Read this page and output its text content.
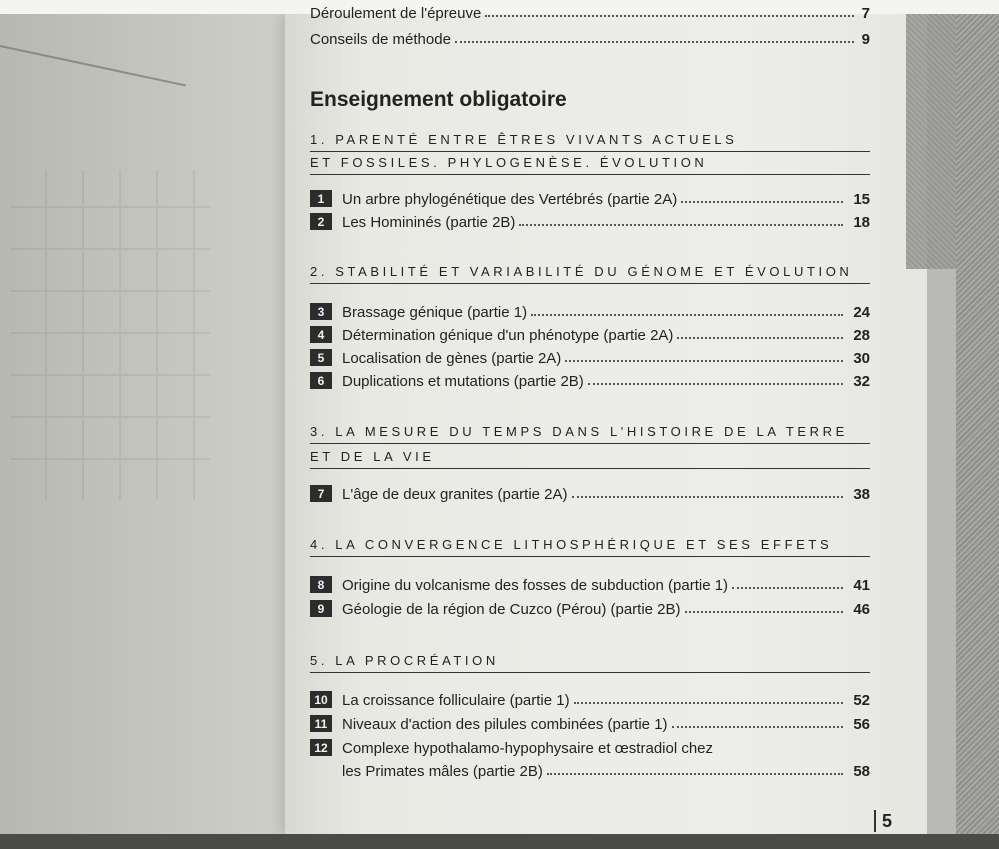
Déroulement de l'épreuve	7
Conseils de méthode	9
Enseignement obligatoire
1. PARENTÉ ENTRE ÊTRES VIVANTS ACTUELS
ET FOSSILES. PHYLOGENÈSE. ÉVOLUTION
1	Un arbre phylogénétique des Vertébrés (partie 2A)	15
2	Les Homininés (partie 2B)	18
2. STABILITÉ ET VARIABILITÉ DU GÉNOME ET ÉVOLUTION
3	Brassage génique (partie 1)	24
4	Détermination génique d'un phénotype (partie 2A)	28
5	Localisation de gènes (partie 2A)	30
6	Duplications et mutations (partie 2B)	32
3. LA MESURE DU TEMPS DANS L'HISTOIRE DE LA TERRE
ET DE LA VIE
7	L'âge de deux granites (partie 2A)	38
4. LA CONVERGENCE LITHOSPHÉRIQUE ET SES EFFETS
8	Origine du volcanisme des fosses de subduction (partie 1)	41
9	Géologie de la région de Cuzco (Pérou) (partie 2B)	46
5. LA PROCRÉATION
10 La croissance folliculaire (partie 1)	52
11 Niveaux d'action des pilules combinées (partie 1)	56
12 Complexe hypothalamo-hypophysaire et œstradiol chez
les Primates mâles (partie 2B)	58
5
